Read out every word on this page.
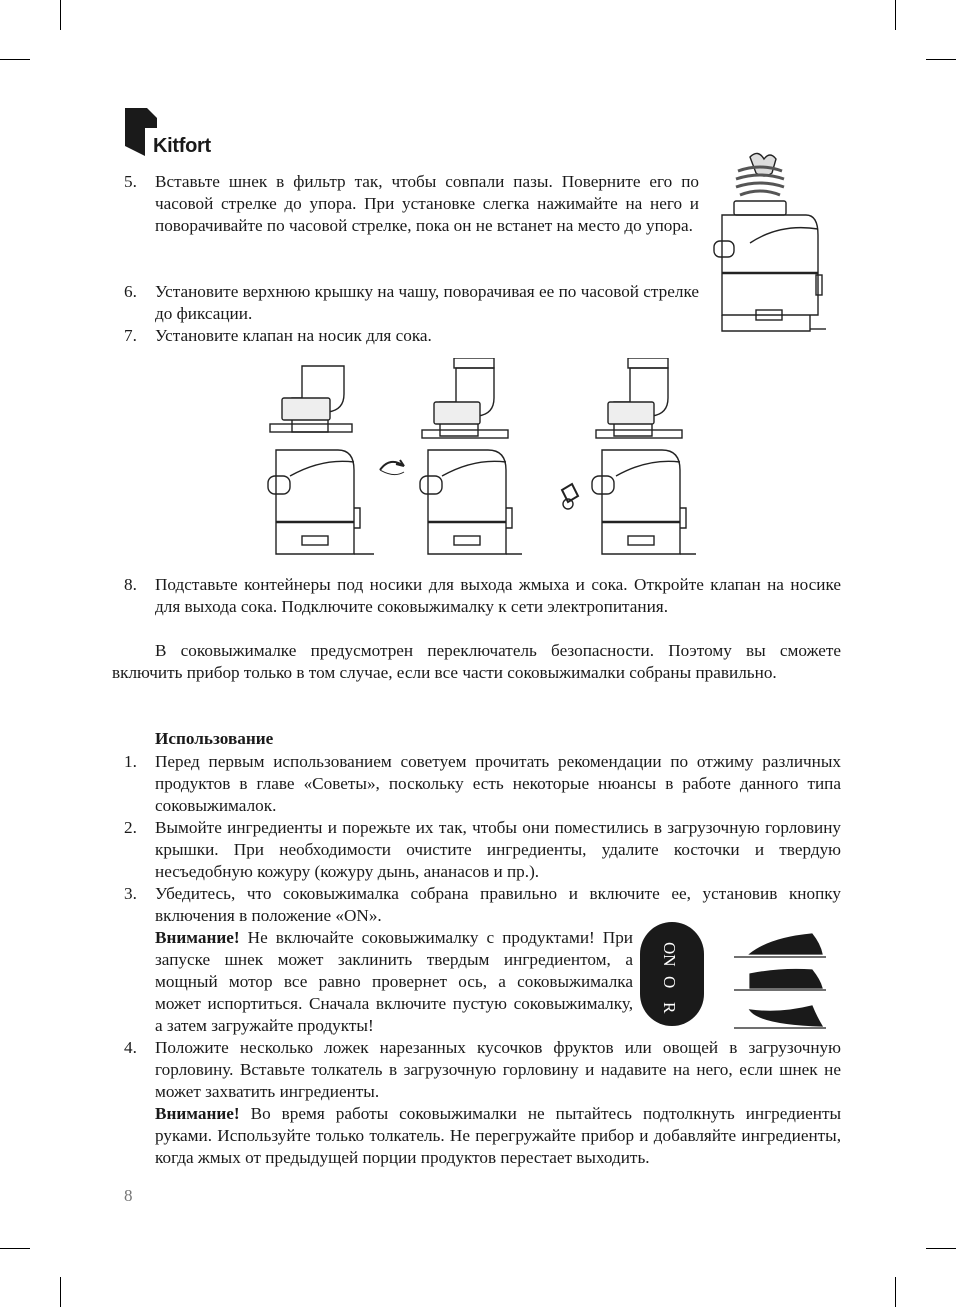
Kitfort
5. Вставьте шнек в фильтр так, чтобы совпали пазы. Поверните его по часовой стрелке до упора. При установке слегка нажимайте на него и поворачивайте по часовой стрелке, пока он не встанет на место до упора.
6. Установите верхнюю крышку на чашу, поворачивая ее по часовой стрелке до фиксации.
7. Установите клапан на носик для сока.
8. Подставьте контейнеры под носики для выхода жмыха и сока. Откройте клапан на носике для выхода сока. Подключите соковыжималку к сети электропитания.
В соковыжималке предусмотрен переключатель безопасности. Поэтому вы сможете включить прибор только в том случае, если все части соковыжималки собраны правильно.
Использование
1. Перед первым использованием советуем прочитать рекомендации по отжиму различных продуктов в главе «Советы», поскольку есть некоторые нюансы в работе данного типа соковыжималок.
2. Вымойте ингредиенты и порежьте их так, чтобы они поместились в загрузочную горловину крышки. При необходимости очистите ингредиенты, удалите косточки и твердую несъедобную кожуру (кожуру дынь, ананасов и пр.).
3. Убедитесь, что соковыжималка собрана правильно и включите ее, установив кнопку включения в положение «ON».
Внимание! Не включайте соковыжималку с продуктами! При запуске шнек может заклинить твердым ингредиентом, а мощный мотор все равно провернет ось, а соковыжималка может испортиться. Сначала включите пустую соковыжималку, а затем загружайте продукты!
ON
O
R
4. Положите несколько ложек нарезанных кусочков фруктов или овощей в загрузочную горловину. Вставьте толкатель в загрузочную горловину и надавите на него, если шнек не может захватить ингредиенты.
Внимание! Во время работы соковыжималки не пытайтесь подтолкнуть ингредиенты руками. Используйте только толкатель. Не перегружайте прибор и добавляйте ингредиенты, когда жмых от предыдущей порции продуктов перестает выходить.
8
